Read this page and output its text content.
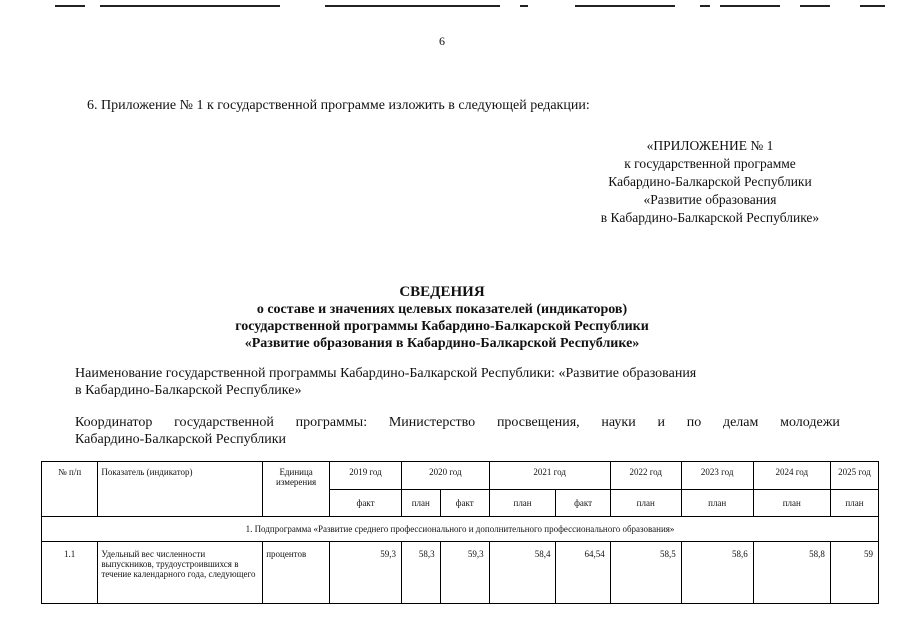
6
6. Приложение № 1 к государственной программе изложить в следующей редакции:
«ПРИЛОЖЕНИЕ № 1
к государственной программе
Кабардино-Балкарской Республики
«Развитие образования
в Кабардино-Балкарской Республике»
СВЕДЕНИЯ
о составе и значениях целевых показателей (индикаторов)
государственной программы Кабардино-Балкарской Республики
«Развитие образования в Кабардино-Балкарской Республике»
Наименование государственной программы Кабардино-Балкарской Республики: «Развитие образования
в Кабардино-Балкарской Республике»
Координатор государственной программы: Министерство просвещения, науки и по делам молодежи
Кабардино-Балкарской Республики
№ п/п	Показатель (индикатор)	Единица измерения	2019 год	2020 год		2021 год		2022 год	2023 год	2024 год	2025 год
			факт	план	факт	план	факт	план	план	план	план
1. Подпрограмма «Развитие среднего профессионального и дополнительного профессионального образования»											
1.1	Удельный вес численности выпускников, трудоустроившихся в течение календарного года, следующего	процентов	59,3	58,3	59,3	58,4	64,54	58,5	58,6	58,8	59
